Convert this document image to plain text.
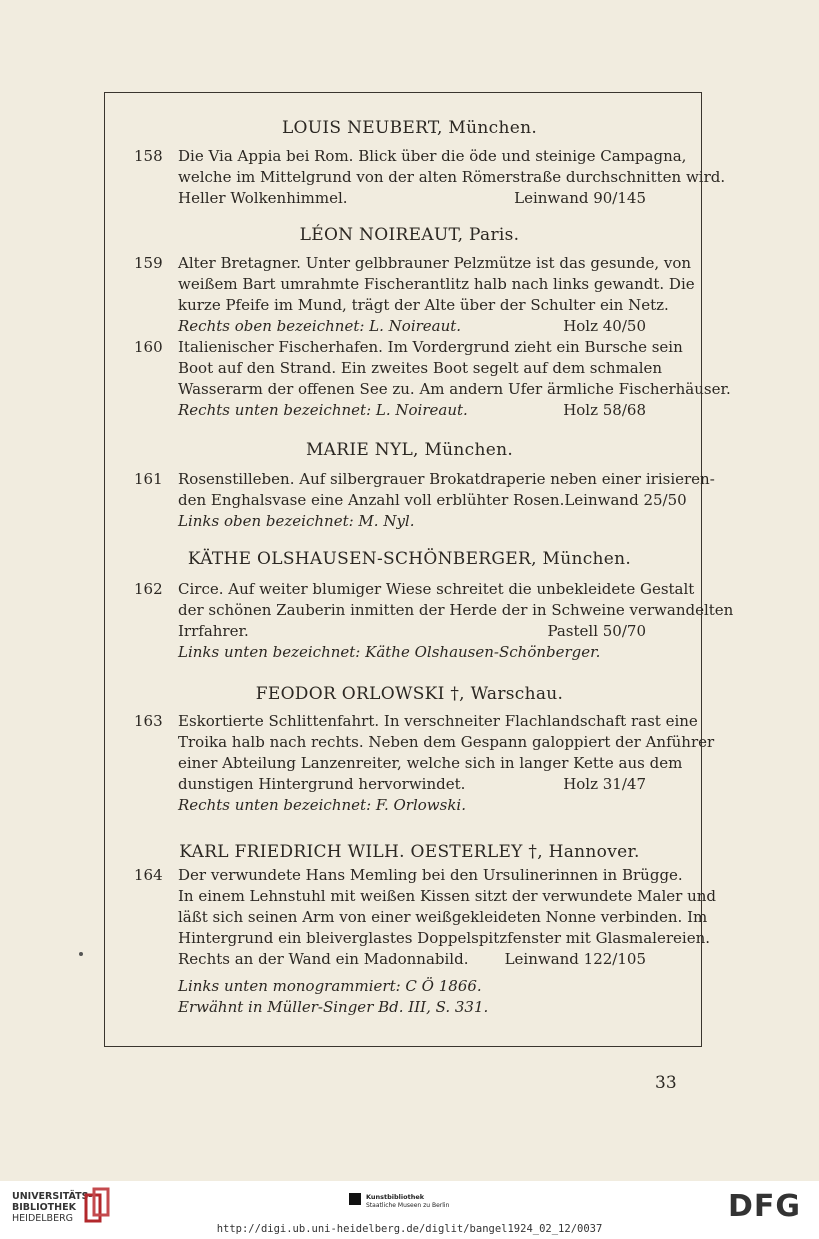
LOUIS NEUBERT, München.
158	Die Via Appia bei Rom. Blick über die öde und steinige Campagna,
welche im Mittelgrund von der alten Römerstraße durchschnitten wird.
Heller Wolkenhimmel.	Leinwand 90/145
LÉON NOIREAUT, Paris.
159	Alter Bretagner. Unter gelbbrauner Pelzmütze ist das gesunde, von
weißem Bart umrahmte Fischerantlitz halb nach links gewandt. Die
kurze Pfeife im Mund, trägt der Alte über der Schulter ein Netz.
Rechts oben bezeichnet: L. Noireaut.	Holz 40/50
160	Italienischer Fischerhafen. Im Vordergrund zieht ein Bursche sein
Boot auf den Strand. Ein zweites Boot segelt auf dem schmalen
Wasserarm der offenen See zu. Am andern Ufer ärmliche Fischerhäuser.
Rechts unten bezeichnet: L. Noireaut.	Holz 58/68
MARIE NYL, München.
161	Rosenstilleben. Auf silbergrauer Brokatdraperie neben einer irisieren-
den Enghalsvase eine Anzahl voll erblühter Rosen. Leinwand 25/50
Links oben bezeichnet: M. Nyl.
KÄTHE OLSHAUSEN-SCHÖNBERGER, München.
162	Circe. Auf weiter blumiger Wiese schreitet die unbekleidete Gestalt
der schönen Zauberin inmitten der Herde der in Schweine verwandelten
Irrfahrer.	Pastell 50/70
Links unten bezeichnet: Käthe Olshausen-Schönberger.
FEODOR ORLOWSKI †, Warschau.
163	Eskortierte Schlittenfahrt. In verschneiter Flachlandschaft rast eine
Troika halb nach rechts. Neben dem Gespann galoppiert der Anführer
einer Abteilung Lanzenreiter, welche sich in langer Kette aus dem
dunstigen Hintergrund hervorwindet.	Holz 31/47
Rechts unten bezeichnet: F. Orlowski.
KARL FRIEDRICH WILH. OESTERLEY †, Hannover.
164	Der verwundete Hans Memling bei den Ursulinerinnen in Brügge.
In einem Lehnstuhl mit weißen Kissen sitzt der verwundete Maler und
läßt sich seinen Arm von einer weißgekleideten Nonne verbinden. Im
Hintergrund ein bleiverglastes Doppelspitzfenster mit Glasmalereien.
Rechts an der Wand ein Madonnabild. Leinwand 122/105
Links unten monogrammiert: C Ö 1866.
Erwähnt in Müller-Singer Bd. III, S. 331.
33
UNIVERSITÄTS-
BIBLIOTHEK
HEIDELBERG
Kunstbibliothek
Staatliche Museen zu Berlin	DFG
http://digi.ub.uni-heidelberg.de/diglit/bangel1924_02_12/0037
